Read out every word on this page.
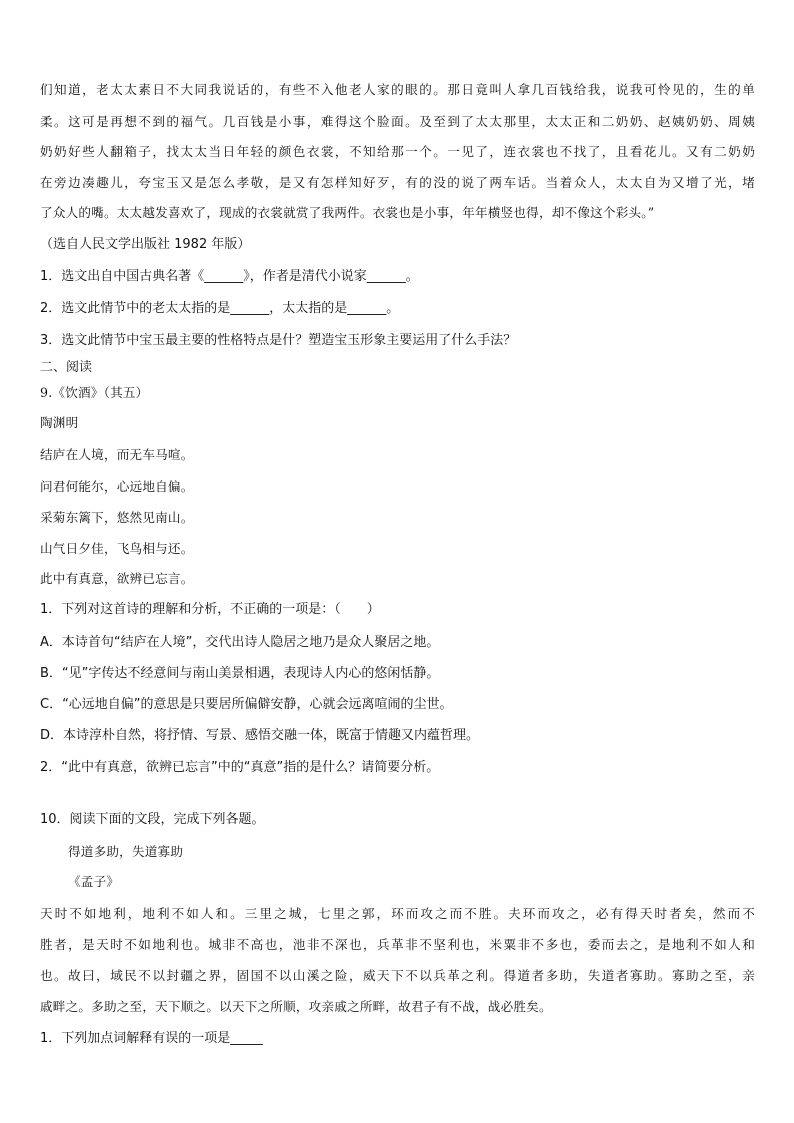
们知道，老太太素日不大同我说话的，有些不入他老人家的眼的。那日竟叫人拿几百钱给我，说我可怜见的，生的单
柔。这可是再想不到的福气。几百钱是小事，难得这个脸面。及至到了太太那里，太太正和二奶奶、赵姨奶奶、周姨
奶奶好些人翻箱子，找太太当日年轻的颜色衣裳，不知给那一个。一见了，连衣裳也不找了，且看花儿。又有二奶奶
在旁边凑趣儿，夸宝玉又是怎么孝敬，是又有怎样知好歹，有的没的说了两车话。当着众人，太太自为又增了光，堵
了众人的嘴。太太越发喜欢了，现成的衣裳就赏了我两件。衣裳也是小事，年年横竖也得，却不像这个彩头。”
（选自人民文学出版社 1982 年版）
1．选文出自中国古典名著《______》，作者是清代小说家______。
2．选文此情节中的老太太指的是______，太太指的是______。
3．选文此情节中宝玉最主要的性格特点是什？塑造宝玉形象主要运用了什么手法？
二、阅读
9.《饮酒》（其五）
陶渊明
结庐在人境，而无车马喧。
问君何能尔，心远地自偏。
采菊东篱下，悠然见南山。
山气日夕佳，飞鸟相与还。
此中有真意，欲辨已忘言。
1．下列对这首诗的理解和分析，不正确的一项是：（　　）
A．本诗首句“结庐在人境”，交代出诗人隐居之地乃是众人聚居之地。
B．“见”字传达不经意间与南山美景相遇，表现诗人内心的悠闲恬静。
C．“心远地自偏”的意思是只要居所偏僻安静，心就会远离喧闹的尘世。
D．本诗淳朴自然，将抒情、写景、感悟交融一体，既富于情趣又内蕴哲理。
2．“此中有真意，欲辨已忘言”中的“真意”指的是什么？请简要分析。
10．阅读下面的文段，完成下列各题。
得道多助，失道寡助
《孟子》
天时不如地利，地利不如人和。三里之城，七里之郭，环而攻之而不胜。夫环而攻之，必有得天时者矣，然而不
胜者，是天时不如地利也。城非不高也，池非不深也，兵革非不坚利也，米粟非不多也，委而去之，是地利不如人和
也。故曰，域民不以封疆之界，固国不以山溪之险，威天下不以兵革之利。得道者多助，失道者寡助。寡助之至，亲
戚畔之。多助之至，天下顺之。以天下之所顺，攻亲戚之所畔，故君子有不战，战必胜矣。
1．下列加点词解释有误的一项是_____
